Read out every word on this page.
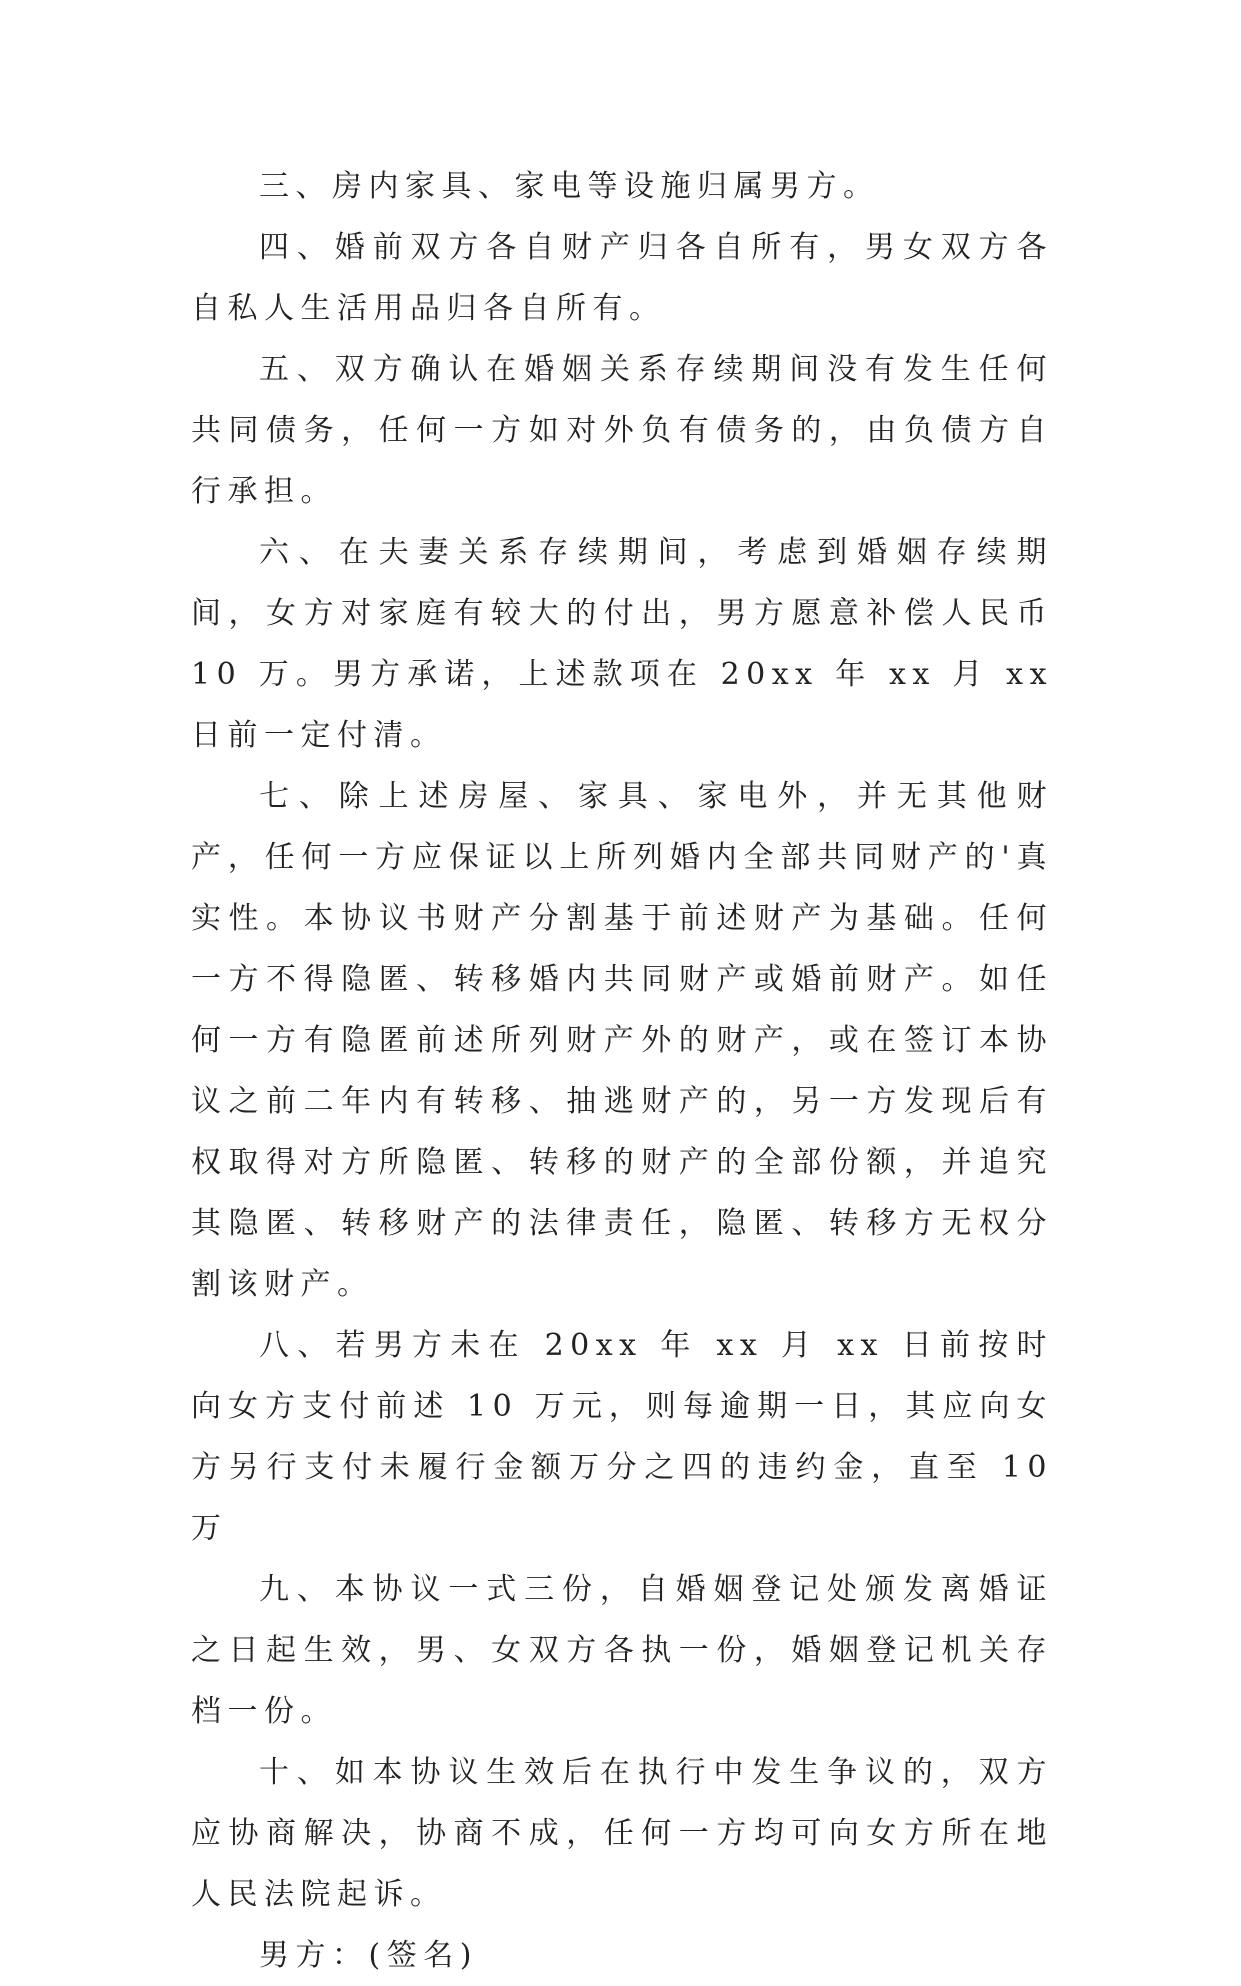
三、房内家具、家电等设施归属男方。

四、婚前双方各自财产归各自所有，男女双方各自私人生活用品归各自所有。

五、双方确认在婚姻关系存续期间没有发生任何共同债务，任何一方如对外负有债务的，由负债方自行承担。

六、在夫妻关系存续期间，考虑到婚姻存续期间，女方对家庭有较大的付出，男方愿意补偿人民币 10 万。男方承诺，上述款项在 20xx 年 xx 月 xx 日前一定付清。

七、除上述房屋、家具、家电外，并无其他财产，任何一方应保证以上所列婚内全部共同财产的'真实性。本协议书财产分割基于前述财产为基础。任何一方不得隐匿、转移婚内共同财产或婚前财产。如任何一方有隐匿前述所列财产外的财产，或在签订本协议之前二年内有转移、抽逃财产的，另一方发现后有权取得对方所隐匿、转移的财产的全部份额，并追究其隐匿、转移财产的法律责任，隐匿、转移方无权分割该财产。

八、若男方未在 20xx 年 xx 月 xx 日前按时向女方支付前述 10 万元，则每逾期一日，其应向女方另行支付未履行金额万分之四的违约金，直至 10 万

九、本协议一式三份，自婚姻登记处颁发离婚证之日起生效，男、女双方各执一份，婚姻登记机关存档一份。

十、如本协议生效后在执行中发生争议的，双方应协商解决，协商不成，任何一方均可向女方所在地人民法院起诉。

男方：(签名)
